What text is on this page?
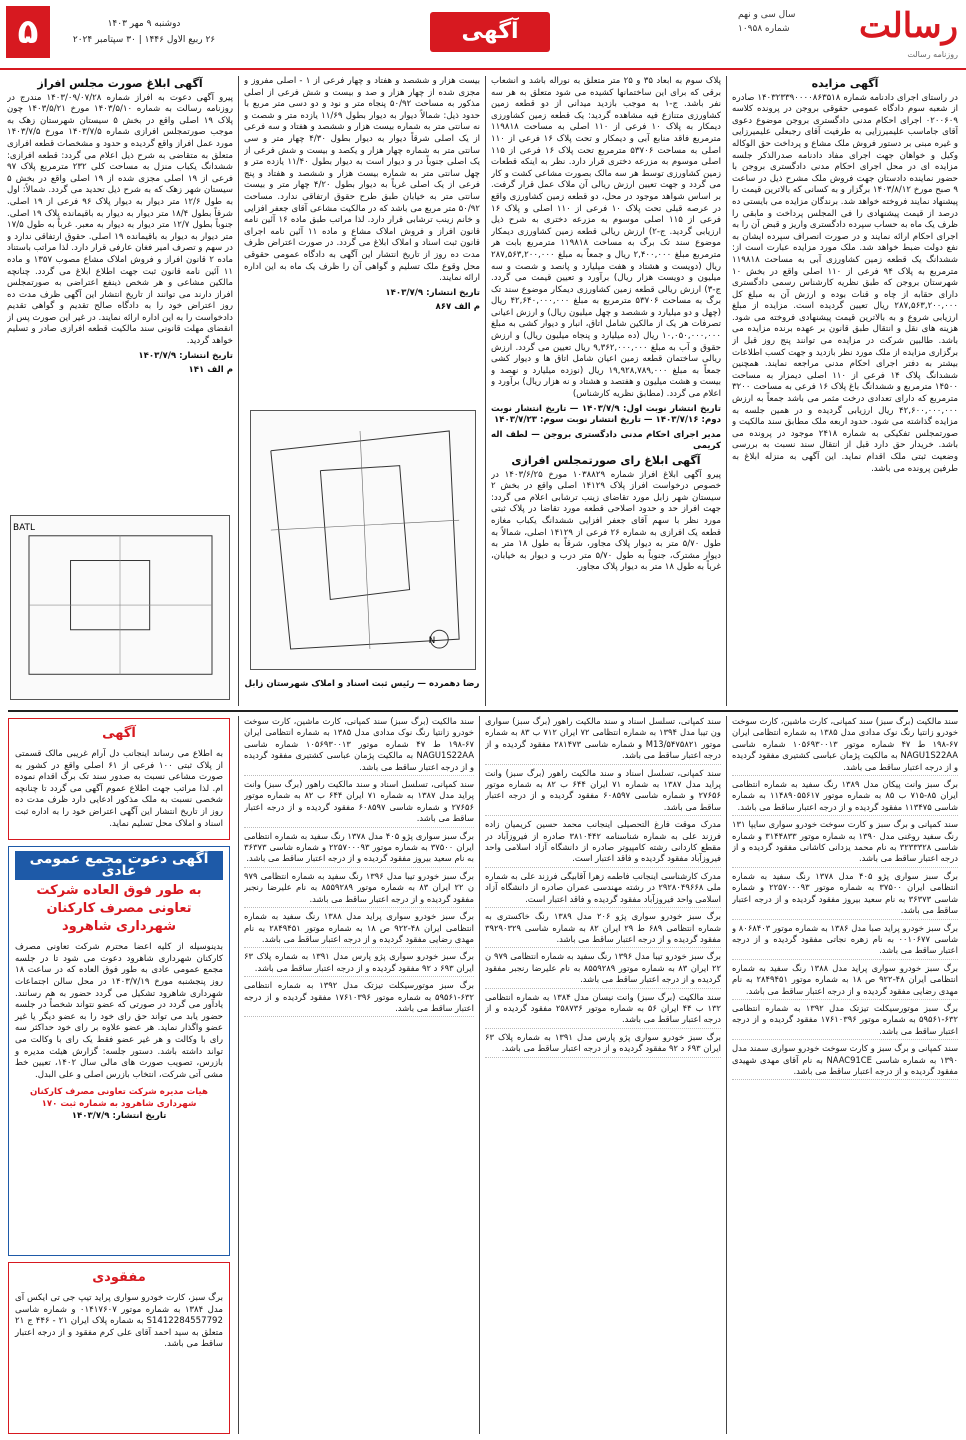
رسالت
سال سی و نهم
شماره ۱۰۹۵۸
روزنامه رسالت
آگهی
دوشنبه ۹ مهر ۱۴۰۳
۲۶ ربیع الاول ۱۴۴۶ | ۳۰ سپتامبر ۲۰۲۴
۵
آگهی مزایده

در راستای اجرای دادنامه شماره ۱۴۰۳۲۳۳۹۰۰۰۰۸۶۳۵۱۸ صادره از شعبه سوم دادگاه عمومی حقوقی بروجن در پرونده کلاسه ۰۲۰۰۶۰۹ اجرای احکام مدنی دادگستری بروجن موضوع دعوی آقای جاماسب علیمیرزایی به طرفیت آقای رجبعلی علیمیرزایی و غیره مبنی بر دستور فروش ملک مشاع و پرداخت حق الوکاله وکیل و خواهان جهت اجرای مفاد دادنامه صدرالذکر جلسه مزایده ای در محل اجرای احکام مدنی دادگستری بروجن با حضور نماینده دادستان جهت فروش ملک مشرح ذیل در ساعت ۹ صبح مورخ ۱۴۰۳/۸/۱۲ برگزار و به کسانی که بالاترین قیمت را پیشنهاد نمایند فروخته خواهد شد. برندگان مزایده می بایستی ده درصد از قیمت پیشنهادی را فی المجلس پرداخت و مابقی را ظرف یک ماه به حساب سپرده دادگستری واریز و قبض آن را به اجرای احکام ارائه نمایند و در صورت انصراف سپرده ایشان به نفع دولت ضبط خواهد شد. ملک مورد مزایده عبارت است از: ششدانگ یک قطعه زمین کشاورزی آبی به مساحت ۱۱۹۸۱۸ مترمربع به پلاک ۹۴ فرعی از ۱۱۰ اصلی واقع در بخش ۱۰ شهرستان بروجن که طبق نظریه کارشناس رسمی دادگستری دارای حقابه از چاه و قنات بوده و ارزش آن به مبلغ کل ۲۸۷,۵۶۳,۲۰۰,۰۰۰ ریال تعیین گردیده است. مزایده از مبلغ ارزیابی شروع و به بالاترین قیمت پیشنهادی فروخته می شود. هزینه های نقل و انتقال طبق قانون بر عهده برنده مزایده می باشد. طالبین شرکت در مزایده می توانند پنج روز قبل از برگزاری مزایده از ملک مورد نظر بازدید و جهت کسب اطلاعات بیشتر به دفتر اجرای احکام مدنی مراجعه نمایند. همچنین ششدانگ پلاک ۱۴ فرعی از ۱۱۰ اصلی دیمزار به مساحت ۱۴۵۰۰ مترمربع و ششدانگ باغ پلاک ۱۶ فرعی به مساحت ۳۲۰۰ مترمربع که دارای تعدادی درخت مثمر می باشد جمعاً به ارزش ۴۲,۶۰۰,۰۰۰,۰۰۰ ریال ارزیابی گردیده و در همین جلسه به مزایده گذاشته می شود. حدود اربعه ملک مطابق سند مالکیت و صورتمجلس تفکیکی به شماره ۲۴۱۸ موجود در پرونده می باشد. خریدار حق دارد قبل از انتقال سند نسبت به بررسی وضعیت ثبتی ملک اقدام نماید. این آگهی به منزله ابلاغ به طرفین پرونده می باشد.

پلاک سوم به ابعاد ۳۵ و ۲۵ متر متعلق به نوراله باشد و انشعاب برقی که برای این ساختمانها کشیده می شود متعلق به هر سه نفر باشد. ج-۱ به موجب بازدید میدانی از دو قطعه زمین کشاورزی متنازع فیه مشاهده گردید: یک قطعه زمین کشاورزی دیمکار به پلاک ۱۰ فرعی از ۱۱۰ اصلی به مساحت ۱۱۹۸۱۸ مترمربع فاقد منابع آبی و دیمکار و تحت پلاک ۱۶ فرعی از ۱۱۰ اصلی به مساحت ۵۳۷۰۶ مترمربع تحت پلاک ۱۶ فرعی از ۱۱۵ اصلی موسوم به مزرعه دختری قرار دارد. نظر به اینکه قطعات زمین کشاورزی توسط هر سه مالک بصورت مشاعی کشت و کار می گردد و جهت تعیین ارزش ریالی آن ملاک عمل قرار گرفت. بر اساس شواهد موجود در محل، دو قطعه زمین کشاورزی واقع در عرصه قبلی تحت پلاک ۱۰ فرعی از ۱۱۰ اصلی و پلاک ۱۶ فرعی از ۱۱۵ اصلی موسوم به مزرعه دختری به شرح ذیل ارزیابی گردید. ج-۲) ارزش ریالی قطعه زمین کشاورزی دیمکار موضوع سند تک برگ به مساحت ۱۱۹۸۱۸ مترمربع بابت هر مترمربع مبلغ ۲,۴۰۰,۰۰۰ ریال و جمعاً به مبلغ ۲۸۷,۵۶۳,۲۰۰,۰۰۰ ریال (دویست و هشتاد و هفت میلیارد و پانصد و شصت و سه میلیون و دویست هزار ریال) برآورد و تعیین قیمت می گردد. ج-۳) ارزش ریالی قطعه زمین کشاورزی دیمکار موضوع سند تک برگ به مساحت ۵۳۷۰۶ مترمربع به مبلغ ۴۲,۶۴۰,۰۰۰,۰۰۰ ریال (چهل و دو میلیارد و ششصد و چهل میلیون ریال) و ارزش اعیانی تصرفات هر یک از مالکین شامل اتاق، انبار و دیوار کشی به مبلغ ۱۰,۰۵۰,۰۰۰,۰۰۰ ریال (ده میلیارد و پنجاه میلیون ریال) و ارزش حقوق و آب به مبلغ ۹,۳۶۲,۰۰۰,۰۰۰ ریال تعیین می گردد. ارزش ریالی ساختمان قطعه زمین اعیان شامل اتاق ها و دیوار کشی جمعاً به مبلغ ۱۹,۹۲۸,۷۸۹,۰۰۰ ریال (نوزده میلیارد و نهصد و بیست و هشت میلیون و هفتصد و هشتاد و نه هزار ریال) برآورد و اعلام می گردد. (مطابق نظریه کارشناس)

تاریخ انتشار نوبت اول: ۱۴۰۳/۷/۹ — تاریخ انتشار نوبت دوم: ۱۴۰۳/۷/۱۶ — تاریخ انتشار نوبت سوم: ۱۴۰۳/۷/۲۳

مدیر اجرای احکام مدنی دادگستری بروجن — لطف اله کریمی

آگهی ابلاغ رای صورتمجلس افرازی

پیرو آگهی ابلاغ افراز شماره ۱۰۳۸۸۲۹ مورخ ۱۴۰۳/۶/۲۵ در خصوص درخواست افراز پلاک ۱۴۱۲۹ اصلی واقع در بخش ۲ سیستان شهر زابل مورد تقاضای زینب ترشابی اعلام می گردد: جهت افراز حد و حدود اصلاحی قطعه مورد تقاضا در پلاک ثبتی مورد نظر با سهم آقای جعفر افزایی ششدانگ یکباب مغازه قطعه یک افرازی به شماره ۲۶ فرعی از ۱۴۱۲۹ اصلی، شمالاً به طول ۵/۷۰ متر به دیوار پلاک مجاور، شرقاً به طول ۱۸ متر به دیوار مشترک، جنوباً به طول ۵/۷۰ متر درب و دیوار به خیابان، غرباً به طول ۱۸ متر به دیوار پلاک مجاور.

بیست هزار و ششصد و هفتاد و چهار فرعی از ۱ - اصلی مفروز و مجزی شده از چهار هزار و صد و بیست و شش فرعی از اصلی مذکور به مساحت ۵۰/۹۲ پنجاه متر و نود و دو دسی متر مربع با حدود ذیل: شمالاً دیوار به دیوار بطول ۱۱/۶۹ یازده متر و شصت و نه سانتی متر به شماره بیست هزار و ششصد و هفتاد و سه فرعی از یک اصلی شرقاً دیوار به دیوار بطول ۴/۳۰ چهار متر و سی سانتی متر به شماره چهار هزار و یکصد و بیست و شش فرعی از یک اصلی جنوباً در و دیوار است به دیوار بطول ۱۱/۴۰ یازده متر و چهل سانتی متر به شماره بیست هزار و ششصد و هفتاد و پنج فرعی از یک اصلی غرباً به دیوار بطول ۴/۲۰ چهار متر و بیست سانتی متر به خیابان طبق طرح حقوق ارتفاقی ندارد. مساحت ۵۰/۹۲ متر مربع می باشد که در مالکیت مشاعی آقای جعفر افزایی و خانم زینب ترشابی قرار دارد. لذا مراتب طبق ماده ۱۶ آئین نامه قانون افراز و فروش املاک مشاع و ماده ۱۱ آئین نامه اجرای قانون ثبت اسناد و املاک ابلاغ می گردد. در صورت اعتراض ظرف مدت ده روز از تاریخ انتشار این آگهی به دادگاه عمومی حقوقی محل وقوع ملک تسلیم و گواهی آن را ظرف یک ماه به این اداره ارائه نمایند.

تاریخ انتشار: ۱۴۰۳/۷/۹

م الف ۸۶۷

N

رضا دهمرده — رئیس ثبت اسناد و املاک شهرستان زابل

آگهی ابلاغ صورت مجلس افراز

پیرو آگهی دعوت به افراز شماره ۱۴۰۳/۰۹/۰۷/۲۸ مندرج در روزنامه رسالت به شماره ۱۴۰۳/۵/۱۰ مورخ ۱۴۰۳/۵/۲۱ چون پلاک ۱۹ اصلی واقع در بخش ۵ سیستان شهرستان زهک به موجب صورتمجلس افرازی شماره ۱۴۰۳/۷/۵ مورخ ۱۴۰۳/۷/۵ مورد عمل افراز واقع گردیده و حدود و مشخصات قطعه افرازی متعلق به متقاضی به شرح ذیل اعلام می گردد: قطعه افرازی: ششدانگ یکباب منزل به مساحت کلی ۲۳۲ مترمربع پلاک ۹۷ فرعی از ۱۹ اصلی مجزی شده از ۱۹ اصلی واقع در بخش ۵ سیستان شهر زهک که به شرح ذیل تحدید می گردد. شمالاً: اول به طول ۱۲/۶ متر دیوار به دیوار پلاک ۹۶ فرعی از ۱۹ اصلی. شرقاً بطول ۱۸/۴ متر دیوار به دیوار به باقیمانده پلاک ۱۹ اصلی. جنوباً بطول ۱۲/۷ متر دیوار به دیوار به معبر. غرباً به طول ۱۷/۵ متر دیوار به دیوار به باقیمانده ۱۹ اصلی. حقوق ارتفاقی ندارد و در سهم و تصرف امیر فغان عارفی قرار دارد. لذا مراتب باستناد ماده ۲ قانون افراز و فروش املاک مشاع مصوب ۱۳۵۷ و ماده ۱۱ آئین نامه قانون ثبت جهت اطلاع ابلاغ می گردد. چنانچه مالکین مشاعی و هر شخص ذینفع اعتراضی به صورتمجلس افراز دارند می توانند از تاریخ انتشار این آگهی ظرف مدت ده روز اعتراض خود را به دادگاه صالح تقدیم و گواهی تقدیم دادخواست را به این اداره ارائه نمایند. در غیر این صورت پس از انقضای مهلت قانونی سند مالکیت قطعه افرازی صادر و تسلیم خواهد گردید.

تاریخ انتشار: ۱۴۰۳/۷/۹

م الف ۱۴۱

BATL

سند مالکیت (برگ سبز) سند کمپانی، کارت ماشین، کارت سوخت خودرو زانتیا رنگ نوک مدادی مدل ۱۳۸۵ به شماره انتظامی ایران ۶۷-۱۹۸ ط ۴۷ شماره موتور ۱۰۵۶۹۳۰۰۱۳ شماره شاسی NAGU1S22AA به مالکیت پژمان عباسی کشتیری مفقود گردیده و از درجه اعتبار ساقط می باشد.

برگ سبز وانت پیکان مدل ۱۳۸۹ رنگ سفید به شماره انتظامی ایران ۸۵-۷۱۵ ب ۸۵ به شماره موتور ۱۱۴۸۹۰۵۵۶۱۷ به شماره شاسی ۱۱۳۴۷۵ مفقود گردیده و از درجه اعتبار ساقط می باشد.

سند کمپانی و برگ سبز و کارت سوخت خودرو سواری سایپا ۱۳۱ رنگ سفید روغنی مدل ۱۳۹۰ به شماره موتور ۳۱۴۴۸۳۳ و شماره شاسی ۳۲۳۳۳۲۸ به نام محمد یزدانی کاشانی مفقود گردیده و از درجه اعتبار ساقط می باشد.

برگ سبز سواری پژو ۴۰۵ مدل ۱۳۷۸ رنگ سفید به شماره انتظامی ایران ۳۷۵۰۰ به شماره موتور ۲۲۵۷۰۰۰۹۳ و شماره شاسی ۳۶۳۷۳ به نام سعید بیروز مفقود گردیده و از درجه اعتبار ساقط می باشد.

برگ سبز خودرو پراید صبا مدل ۱۳۸۶ به شماره موتور ۸۰۶۸۴۰۳ و شاسی ۰۰۱۰۶۷۷ به نام زهره نجاتی مفقود گردیده و از درجه اعتبار ساقط می باشد.

برگ سبز خودرو سواری پراید مدل ۱۳۸۸ رنگ سفید به شماره انتظامی ایران ۴۸-۹۲۲ ص ۱۸ به شماره موتور ۲۸۴۹۴۵۱ به نام مهدی رضایی مفقود گردیده و از درجه اعتبار ساقط می باشد.

برگ سبز موتورسیکلت تیزتک مدل ۱۳۹۲ به شماره انتظامی ۶۳۲-۵۹۵۶۱ به شماره موتور ۱۷۶۱۰۳۹۶ مفقود گردیده و از درجه اعتبار ساقط می باشد.

سند کمپانی و برگ سبز و کارت سوخت خودرو سواری سمند مدل ۱۳۹۰ به شماره شاسی NAAC91CE به نام آقای مهدی شهیدی مفقود گردیده و از درجه اعتبار ساقط می باشد.

سند کمپانی، تسلسل اسناد و سند مالکیت راهور (برگ سبز) سواری ون تیبا مدل ۱۳۹۴ به شماره انتظامی ۷۲ ایران ۷۱۲ ب ۸۳ به شماره موتور M13/۵۴۷۵۸۲۱ و شماره شاسی ۲۸۱۴۷۳ مفقود گردیده و از درجه اعتبار ساقط می باشد.

سند کمپانی، تسلسل اسناد و سند مالکیت راهور (برگ سبز) وانت پراید مدل ۱۳۸۷ به شماره ۷۱ ایران ۶۴۴ ب ۸۲ به شماره موتور ۲۷۶۵۶ و شماره شاسی ۶۰۸۵۹۷ مفقود گردیده و از درجه اعتبار ساقط می باشد.

مدرک موقت فارغ التحصیلی اینجانب محمد حسین کریمیان زاده فرزند علی به شماره شناسنامه ۳۸۱۰۴۴۲ صادره از فیروزآباد در مقطع کاردانی رشته کامپیوتر صادره از دانشگاه آزاد اسلامی واحد فیروزآباد مفقود گردیده و فاقد اعتبار است.

مدرک کارشناسی اینجانب فاطمه زهرا آقابیگی فرزند علی به شماره ملی ۲۹۲۸۰۴۹۶۶۸ در رشته مهندسی عمران صادره از دانشگاه آزاد اسلامی واحد فیروزآباد مفقود گردیده و فاقد اعتبار است.

برگ سبز خودرو سواری پژو ۲۰۶ مدل ۱۳۸۹ رنگ خاکستری به شماره انتظامی ۶۸۹ ط ۲۹ ایران ۸۲ به شماره شاسی ۳۹۲۹۰۳۲۹ مفقود گردیده و از درجه اعتبار ساقط می باشد.

برگ سبز خودرو تیبا مدل ۱۳۹۶ رنگ سفید به شماره انتظامی ۹۷۹ ن ۲۲ ایران ۸۳ به شماره موتور ۸۵۵۹۲۸۹ به نام علیرضا رنجبر مفقود گردیده و از درجه اعتبار ساقط می باشد.

سند مالکیت (برگ سبز) وانت نیسان مدل ۱۳۸۴ به شماره انتظامی ۱۳۲ ب ۴۴ ایران ۵۶ به شماره موتور ۲۵۸۷۳۶ مفقود گردیده و از درجه اعتبار ساقط می باشد.

برگ سبز خودرو سواری پژو پارس مدل ۱۳۹۱ به شماره پلاک ۶۳ ایران ۶۹۳ د ۹۲ مفقود گردیده و از درجه اعتبار ساقط می باشد.

سند مالکیت (برگ سبز) سند کمپانی، کارت ماشین، کارت سوخت خودرو زانتیا رنگ نوک مدادی مدل ۱۳۸۵ به شماره انتظامی ایران ۶۷-۱۹۸ ط ۴۷ شماره موتور ۱۰۵۶۹۳۰۰۱۳ شماره شاسی NAGU1S22AA به مالکیت پژمان عباسی کشتیری مفقود گردیده و از درجه اعتبار ساقط می باشد.

سند کمپانی، تسلسل اسناد و سند مالکیت راهور (برگ سبز) وانت پراید مدل ۱۳۸۷ به شماره ۷۱ ایران ۶۴۴ ب ۸۲ به شماره موتور ۲۷۶۵۶ و شماره شاسی ۶۰۸۵۹۷ مفقود گردیده و از درجه اعتبار ساقط می باشد.

برگ سبز سواری پژو ۴۰۵ مدل ۱۳۷۸ رنگ سفید به شماره انتظامی ایران ۳۷۵۰۰ به شماره موتور ۲۲۵۷۰۰۰۹۳ و شماره شاسی ۳۶۳۷۳ به نام سعید بیروز مفقود گردیده و از درجه اعتبار ساقط می باشد.

برگ سبز خودرو تیبا مدل ۱۳۹۶ رنگ سفید به شماره انتظامی ۹۷۹ ن ۲۲ ایران ۸۳ به شماره موتور ۸۵۵۹۲۸۹ به نام علیرضا رنجبر مفقود گردیده و از درجه اعتبار ساقط می باشد.

برگ سبز خودرو سواری پراید مدل ۱۳۸۸ رنگ سفید به شماره انتظامی ایران ۴۸-۹۲۲ ص ۱۸ به شماره موتور ۲۸۴۹۴۵۱ به نام مهدی رضایی مفقود گردیده و از درجه اعتبار ساقط می باشد.

برگ سبز خودرو سواری پژو پارس مدل ۱۳۹۱ به شماره پلاک ۶۳ ایران ۶۹۳ د ۹۲ مفقود گردیده و از درجه اعتبار ساقط می باشد.

برگ سبز موتورسیکلت تیزتک مدل ۱۳۹۲ به شماره انتظامی ۶۳۲-۵۹۵۶۱ به شماره موتور ۱۷۶۱۰۳۹۶ مفقود گردیده و از درجه اعتبار ساقط می باشد.

آگهی

به اطلاع می رساند اینجانب دل آرام غریبی مالک قسمتی از پلاک ثبتی ۱۰۰ فرعی از ۶۱ اصلی واقع در کشور به صورت مشاعی نسبت به صدور سند تک برگ اقدام نموده ام. لذا مراتب جهت اطلاع عموم آگهی می گردد تا چنانچه شخصی نسبت به ملک مذکور ادعایی دارد ظرف مدت ده روز از تاریخ انتشار این آگهی اعتراض خود را به اداره ثبت اسناد و املاک محل تسلیم نماید.

آگهی دعوت مجمع عمومی عادی
به طور فوق العاده شرکت تعاونی مصرف کارکنان شهرداری شاهرود

بدینوسیله از کلیه اعضا محترم شرکت تعاونی مصرف کارکنان شهرداری شاهرود دعوت می شود تا در جلسه مجمع عمومی عادی به طور فوق العاده که در ساعت ۱۸ روز پنجشنبه مورخ ۱۴۰۳/۷/۱۹ در محل سالن اجتماعات شهرداری شاهرود تشکیل می گردد حضور به هم رسانند. یادآور می گردد در صورتی که عضو نتواند شخصاً در جلسه حضور یابد می تواند حق رای خود را به عضو دیگر یا غیر عضو واگذار نماید. هر عضو علاوه بر رای خود حداکثر سه رای با وکالت و هر غیر عضو فقط یک رای با وکالت می تواند داشته باشد. دستور جلسه: گزارش هیئت مدیره و بازرس، تصویب صورت های مالی سال ۱۴۰۲، تعیین خط مشی آتی شرکت، انتخاب بازرس اصلی و علی البدل.

هیات مدیره شرکت تعاونی مصرف کارکنان شهرداری شاهرود به شماره ثبت ۱۷۰

تاریخ انتشار: ۱۴۰۳/۷/۹

مفقودی

برگ سبز، کارت خودرو سواری پراید تیپ جی تی ایکس آی مدل ۱۳۸۴ به شماره موتور ۰۱۴۱۷۶۰۷ و شماره شاسی S1412284557792 به شماره پلاک ایران ۲۱ - ۴۴۶ ج ۲۱ متعلق به سید احمد آقای علی کرم مفقود و از درجه اعتبار ساقط می باشد.
